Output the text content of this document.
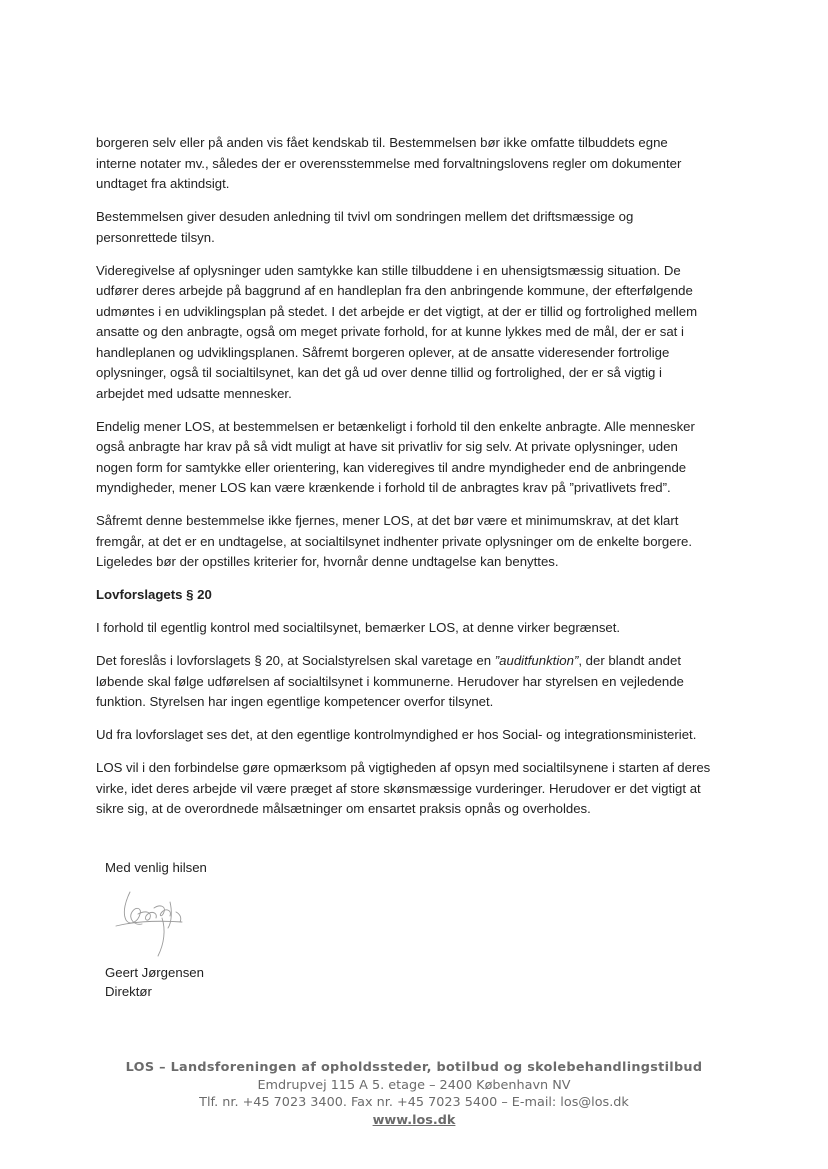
borgeren selv eller på anden vis fået kendskab til. Bestemmelsen bør ikke omfatte tilbuddets egne
interne notater mv., således der er overensstemmelse med forvaltningslovens regler om dokumenter
undtaget fra aktindsigt.

Bestemmelsen giver desuden anledning til tvivl om sondringen mellem det driftsmæssige og
personrettede tilsyn.

Videregivelse af oplysninger uden samtykke kan stille tilbuddene i en uhensigtsmæssig situation. De
udfører deres arbejde på baggrund af en handleplan fra den anbringende kommune, der efterfølgende
udmøntes i en udviklingsplan på stedet. I det arbejde er det vigtigt, at der er tillid og fortrolighed mellem
ansatte og den anbragte, også om meget private forhold, for at kunne lykkes med de mål, der er sat i
handleplanen og udviklingsplanen. Såfremt borgeren oplever, at de ansatte videresender fortrolige
oplysninger, også til socialtilsynet, kan det gå ud over denne tillid og fortrolighed, der er så vigtig i
arbejdet med udsatte mennesker.

Endelig mener LOS, at bestemmelsen er betænkeligt i forhold til den enkelte anbragte. Alle mennesker
også anbragte har krav på så vidt muligt at have sit privatliv for sig selv. At private oplysninger, uden
nogen form for samtykke eller orientering, kan videregives til andre myndigheder end de anbringende
myndigheder, mener LOS kan være krænkende i forhold til de anbragtes krav på ”privatlivets fred”.

Såfremt denne bestemmelse ikke fjernes, mener LOS, at det bør være et minimumskrav, at det klart
fremgår, at det er en undtagelse, at socialtilsynet indhenter private oplysninger om de enkelte borgere.
Ligeledes bør der opstilles kriterier for, hvornår denne undtagelse kan benyttes.

Lovforslagets § 20

I forhold til egentlig kontrol med socialtilsynet, bemærker LOS, at denne virker begrænset.

Det foreslås i lovforslagets § 20, at Socialstyrelsen skal varetage en ”auditfunktion”, der blandt andet
løbende skal følge udførelsen af socialtilsynet i kommunerne. Herudover har styrelsen en vejledende
funktion. Styrelsen har ingen egentlige kompetencer overfor tilsynet.

Ud fra lovforslaget ses det, at den egentlige kontrolmyndighed er hos Social- og integrationsministeriet.

LOS vil i den forbindelse gøre opmærksom på vigtigheden af opsyn med socialtilsynene i starten af deres
virke, idet deres arbejde vil være præget af store skønsmæssige vurderinger. Herudover er det vigtigt at
sikre sig, at de overordnede målsætninger om ensartet praksis opnås og overholdes.

Med venlig hilsen
Geert Jørgensen
Direktør
LOS – Landsforeningen af opholdssteder, botilbud og skolebehandlingstilbud
Emdrupvej 115 A 5. etage – 2400 København NV
Tlf. nr. +45 7023 3400. Fax nr. +45 7023 5400 – E-mail: los@los.dk
www.los.dk
